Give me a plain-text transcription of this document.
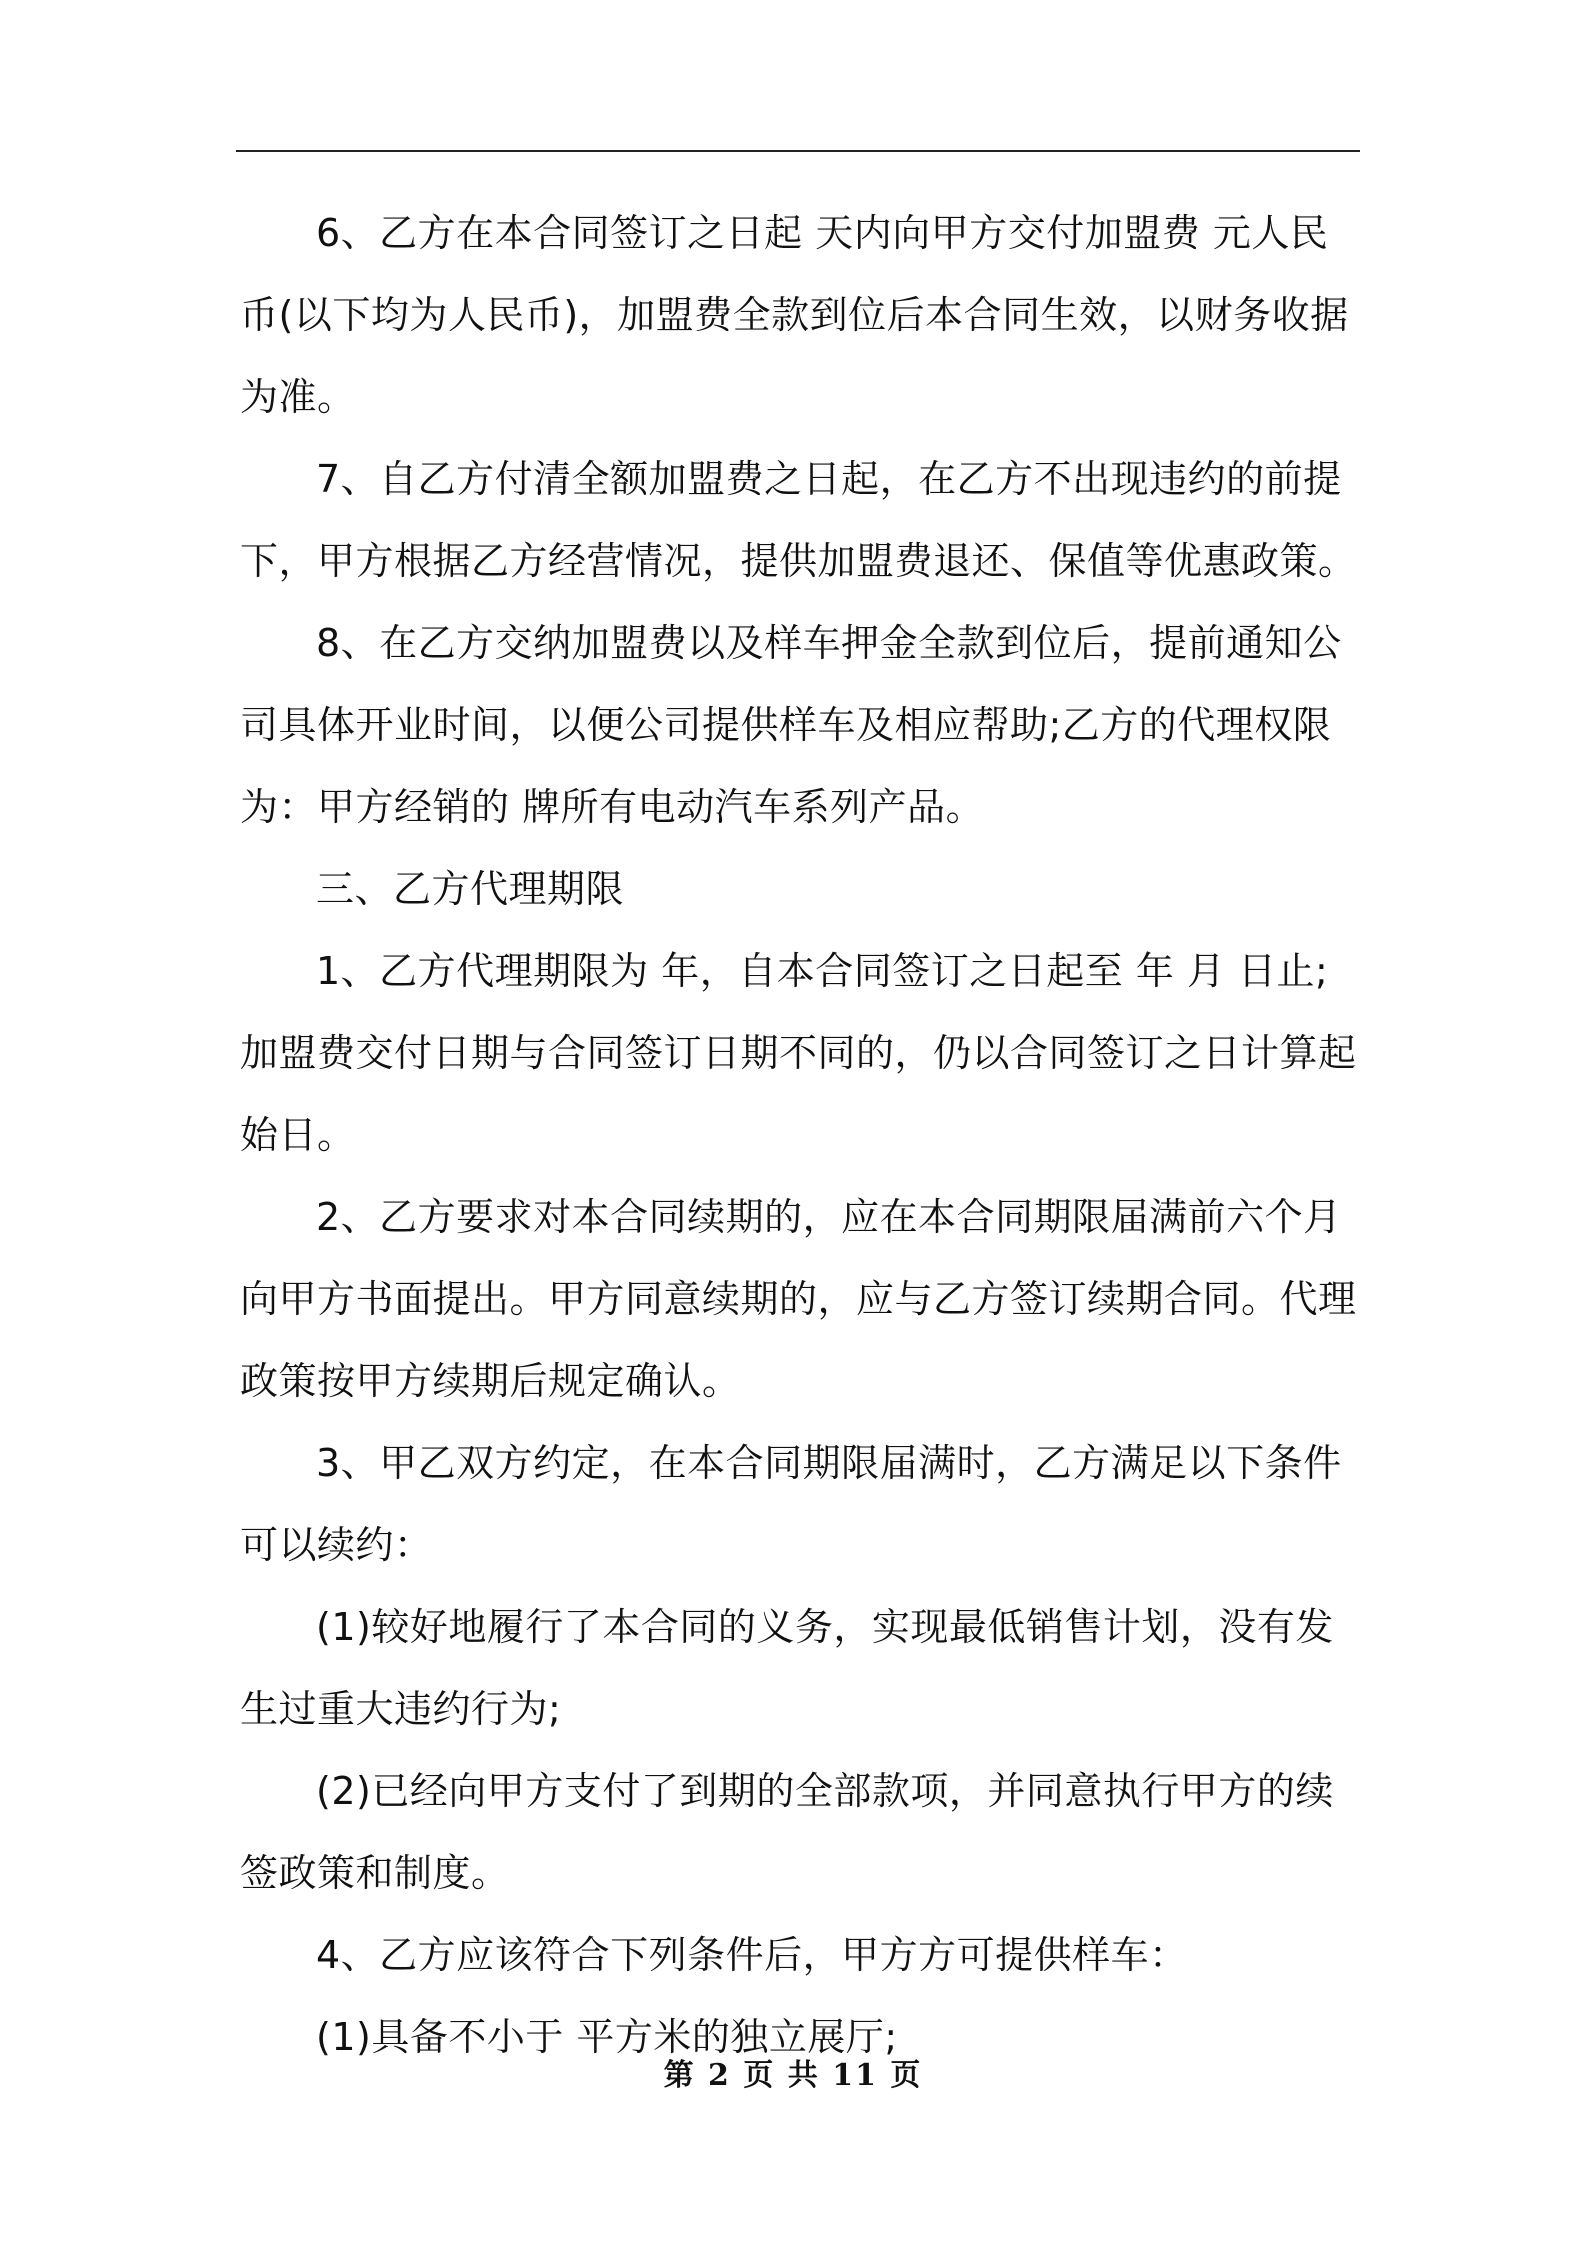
6、乙方在本合同签订之日起 天内向甲方交付加盟费 元人民币(以下均为人民币)，加盟费全款到位后本合同生效，以财务收据为准。

7、自乙方付清全额加盟费之日起，在乙方不出现违约的前提下，甲方根据乙方经营情况，提供加盟费退还、保值等优惠政策。

8、在乙方交纳加盟费以及样车押金全款到位后，提前通知公司具体开业时间，以便公司提供样车及相应帮助;乙方的代理权限为：甲方经销的 牌所有电动汽车系列产品。

三、乙方代理期限

1、乙方代理期限为 年，自本合同签订之日起至 年 月 日止;加盟费交付日期与合同签订日期不同的，仍以合同签订之日计算起始日。

2、乙方要求对本合同续期的，应在本合同期限届满前六个月向甲方书面提出。甲方同意续期的，应与乙方签订续期合同。代理政策按甲方续期后规定确认。

3、甲乙双方约定，在本合同期限届满时，乙方满足以下条件可以续约：

(1)较好地履行了本合同的义务，实现最低销售计划，没有发生过重大违约行为;

(2)已经向甲方支付了到期的全部款项，并同意执行甲方的续签政策和制度。

4、乙方应该符合下列条件后，甲方方可提供样车：

(1)具备不小于 平方米的独立展厅;

第 2 页 共 11 页
